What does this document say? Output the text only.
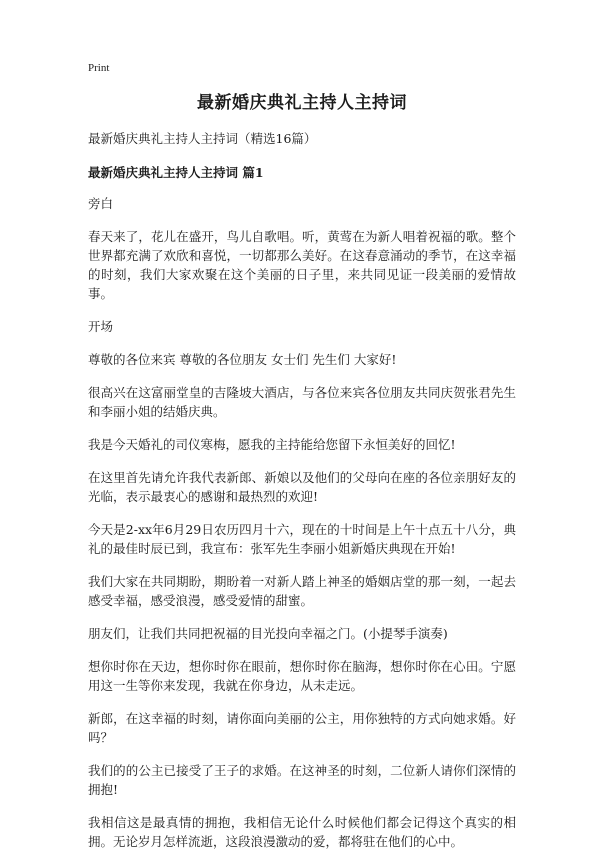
Print
最新婚庆典礼主持人主持词
最新婚庆典礼主持人主持词（精选16篇）
最新婚庆典礼主持人主持词 篇1
旁白
春天来了，花儿在盛开，鸟儿自歌唱。听，黄莺在为新人唱着祝福的歌。整个世界都充满了欢欣和喜悦，一切都那么美好。在这春意涌动的季节，在这幸福的时刻，我们大家欢聚在这个美丽的日子里，来共同见证一段美丽的爱情故事。
开场
尊敬的各位来宾 尊敬的各位朋友 女士们 先生们 大家好!
很高兴在这富丽堂皇的吉隆坡大酒店，与各位来宾各位朋友共同庆贺张君先生和李丽小姐的结婚庆典。
我是今天婚礼的司仪寒梅，愿我的主持能给您留下永恒美好的回忆!
在这里首先请允许我代表新郎、新娘以及他们的父母向在座的各位亲朋好友的光临，表示最衷心的感谢和最热烈的欢迎!
今天是2-xx年6月29日农历四月十六，现在的十时间是上午十点五十八分，典礼的最佳时辰已到，我宣布：张军先生李丽小姐新婚庆典现在开始!
我们大家在共同期盼，期盼着一对新人踏上神圣的婚姻店堂的那一刻，一起去感受幸福，感受浪漫，感受爱情的甜蜜。
朋友们，让我们共同把祝福的目光投向幸福之门。(小提琴手演奏)
想你时你在天边，想你时你在眼前，想你时你在脑海，想你时你在心田。宁愿用这一生等你来发现，我就在你身边，从未走远。
新郎，在这幸福的时刻，请你面向美丽的公主，用你独特的方式向她求婚。好吗？
我们的的公主已接受了王子的求婚。在这神圣的时刻，二位新人请你们深情的拥抱!
我相信这是最真情的拥抱，我相信无论什么时候他们都会记得这个真实的相拥。无论岁月怎样流逝，这段浪漫激动的爱，都将驻在他们的心中。
